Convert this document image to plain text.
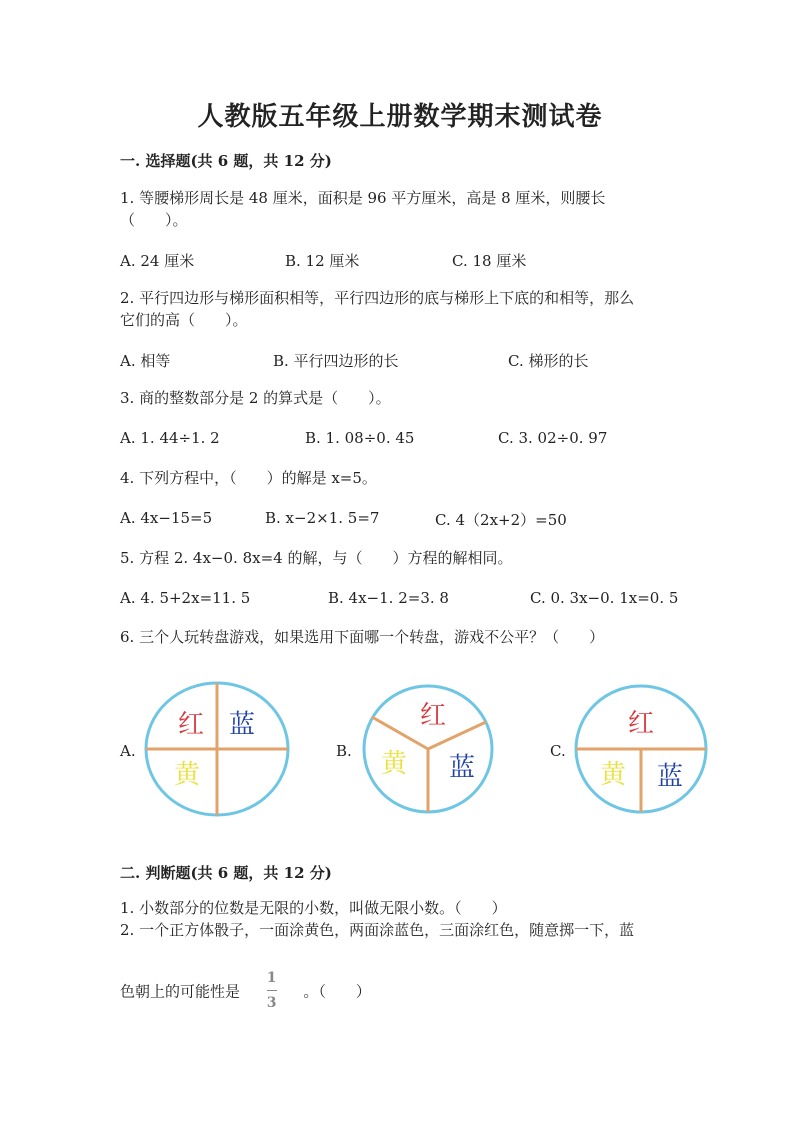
人教版五年级上册数学期末测试卷
一. 选择题(共 6 题，共 12 分)
1. 等腰梯形周长是 48 厘米，面积是 96 平方厘米，高是 8 厘米，则腰长
（　　）。
A. 24 厘米	B. 12 厘米	C. 18 厘米
2. 平行四边形与梯形面积相等，平行四边形的底与梯形上下底的和相等，那么
它们的高（　　）。
A. 相等	B. 平行四边形的长	C. 梯形的长
3. 商的整数部分是 2 的算式是（　　）。
A. 1. 44÷1. 2	B. 1. 08÷0. 45	C. 3. 02÷0. 97
4. 下列方程中，（　　）的解是 x=5。
A. 4x−15=5	B. x−2×1. 5=7	C. 4（2x+2）=50
5. 方程 2. 4x−0. 8x=4 的解，与（　　）方程的解相同。
A. 4. 5+2x=11. 5	B. 4x−1. 2=3. 8	C. 0. 3x−0. 1x=0. 5
6. 三个人玩转盘游戏，如果选用下面哪一个转盘，游戏不公平？（　　）
A.
红 蓝
黄
B.
红
黄 蓝
C.
红
黄 蓝
二. 判断题(共 6 题，共 12 分)
1. 小数部分的位数是无限的小数，叫做无限小数。（　　）
2. 一个正方体骰子，一面涂黄色，两面涂蓝色，三面涂红色，随意掷一下，蓝
色朝上的可能性是 $\frac{1}{3}$ 。（　　）
